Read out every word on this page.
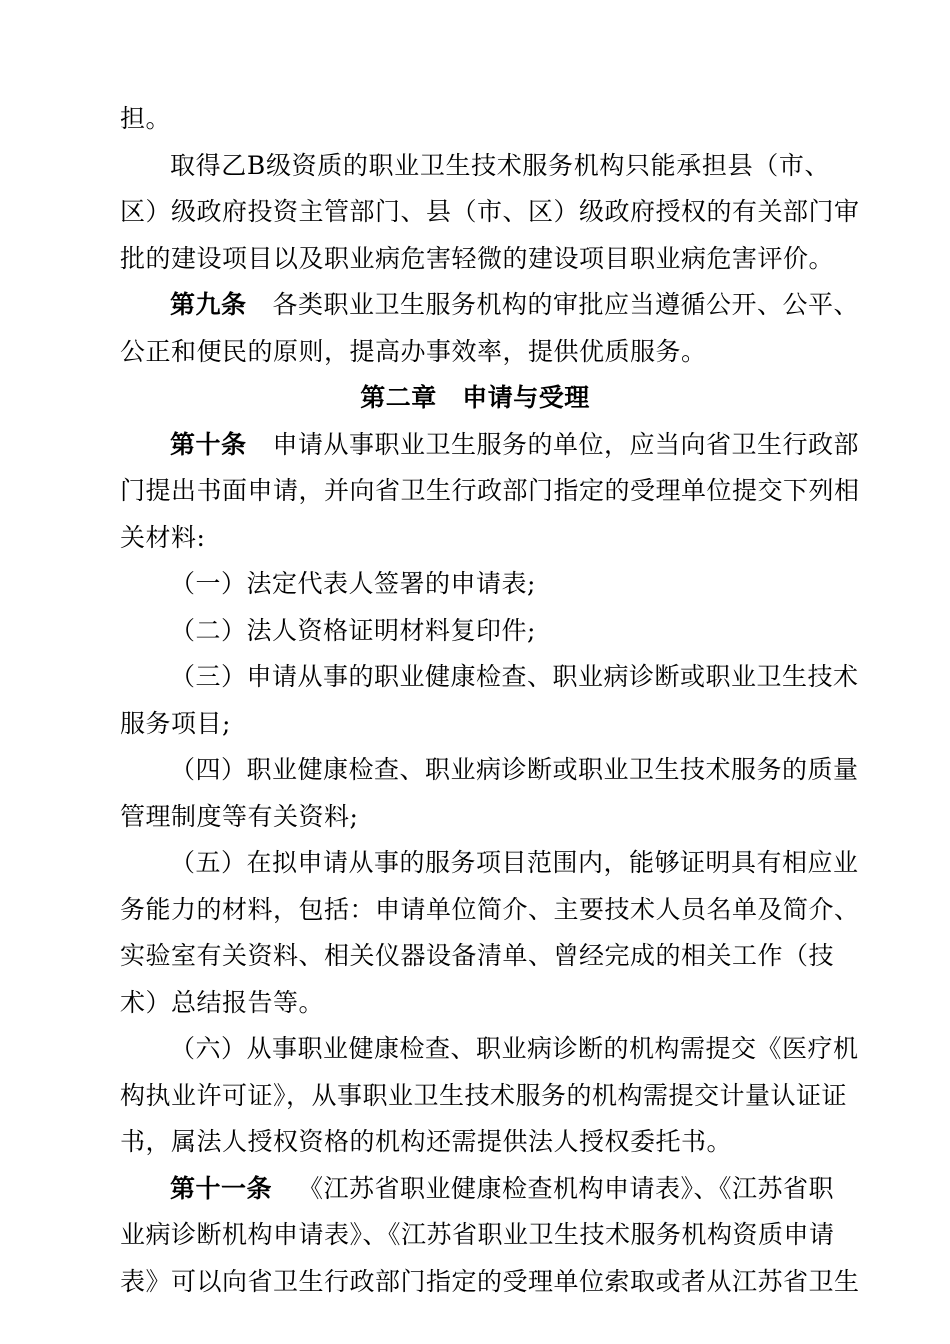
担。
取得乙B级资质的职业卫生技术服务机构只能承担县（市、
区）级政府投资主管部门、县（市、区）级政府授权的有关部门审
批的建设项目以及职业病危害轻微的建设项目职业病危害评价。
第九条 各类职业卫生服务机构的审批应当遵循公开、公平、
公正和便民的原则，提高办事效率，提供优质服务。
第二章　申请与受理
第十条 申请从事职业卫生服务的单位，应当向省卫生行政部
门提出书面申请，并向省卫生行政部门指定的受理单位提交下列相
关材料:
（一）法定代表人签署的申请表;
（二）法人资格证明材料复印件;
（三）申请从事的职业健康检查、职业病诊断或职业卫生技术
服务项目;
（四）职业健康检查、职业病诊断或职业卫生技术服务的质量
管理制度等有关资料;
（五）在拟申请从事的服务项目范围内，能够证明具有相应业
务能力的材料，包括：申请单位简介、主要技术人员名单及简介、
实验室有关资料、相关仪器设备清单、曾经完成的相关工作（技
术）总结报告等。
（六）从事职业健康检查、职业病诊断的机构需提交《医疗机
构执业许可证》，从事职业卫生技术服务的机构需提交计量认证证
书，属法人授权资格的机构还需提供法人授权委托书。
第十一条 《江苏省职业健康检查机构申请表》、《江苏省职
业病诊断机构申请表》、《江苏省职业卫生技术服务机构资质申请
表》可以向省卫生行政部门指定的受理单位索取或者从江苏省卫生
